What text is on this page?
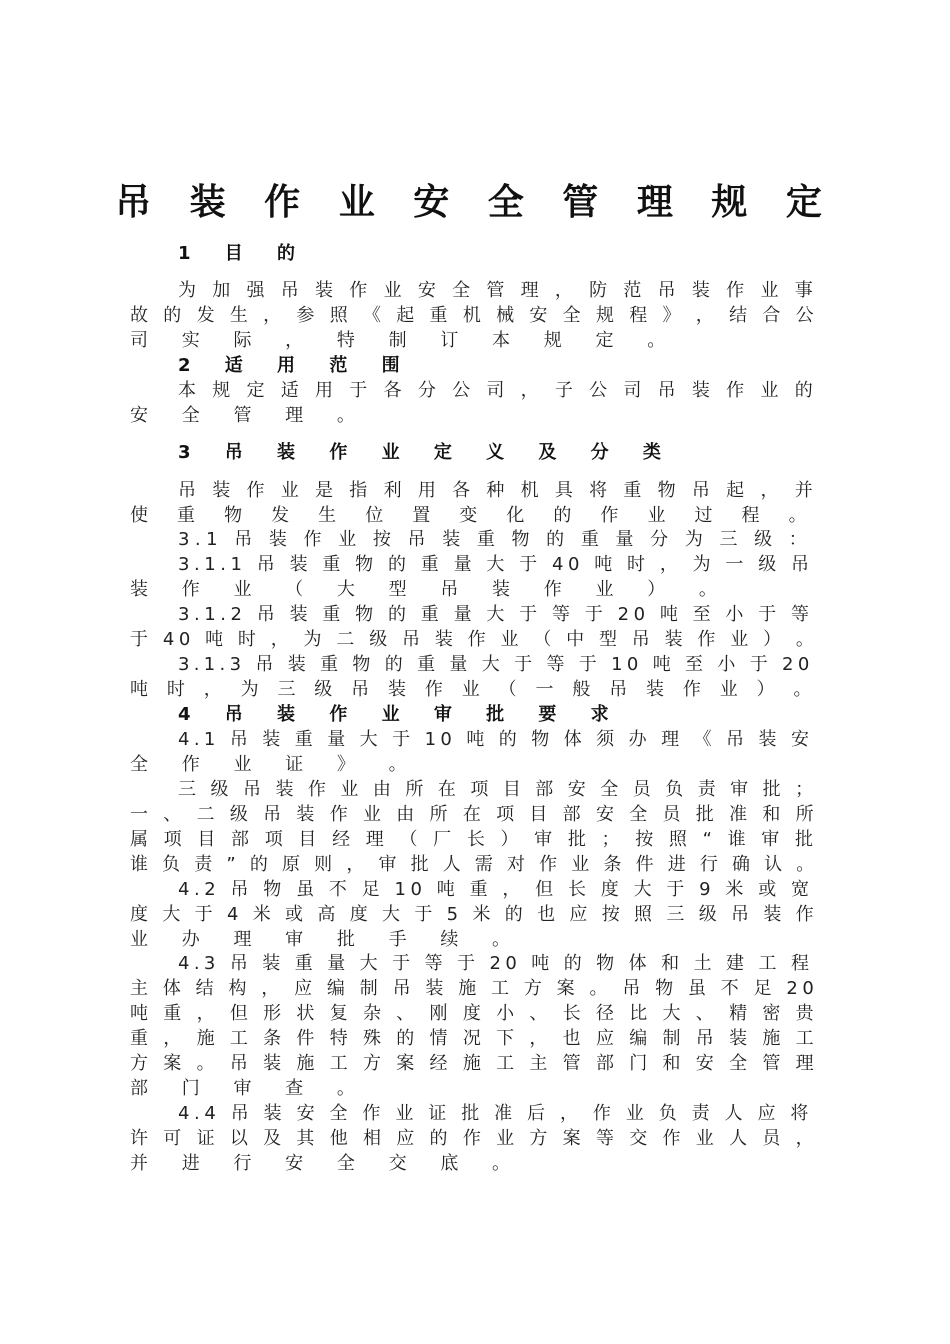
吊 装 作 业 安 全 管 理 规 定
1 目 的
为 加 强 吊 装 作 业 安 全 管 理 ， 防 范 吊 装 作 业 事
故 的 发 生 ， 参 照 《 起 重 机 械 安 全 规 程 》 ， 结 合 公
司 实 际 ， 特 制 订 本 规 定 。
2 适 用 范 围
本 规 定 适 用 于 各 分 公 司 ， 子 公 司 吊 装 作 业 的
安 全 管 理 。
3 吊 装 作 业 定 义 及 分 类
吊 装 作 业 是 指 利 用 各 种 机 具 将 重 物 吊 起 ， 并
使 重 物 发 生 位 置 变 化 的 作 业 过 程 。
3.1 吊 装 作 业 按 吊 装 重 物 的 重 量 分 为 三 级 ：
3.1.1 吊 装 重 物 的 重 量 大 于 40 吨 时 ， 为 一 级 吊
装 作 业 （ 大 型 吊 装 作 业 ） 。
3.1.2 吊 装 重 物 的 重 量 大 于 等 于 20 吨 至 小 于 等
于 40 吨 时 ， 为 二 级 吊 装 作 业 （ 中 型 吊 装 作 业 ） 。
3.1.3 吊 装 重 物 的 重 量 大 于 等 于 10 吨 至 小 于 20
吨 时 ， 为 三 级 吊 装 作 业 （ 一 般 吊 装 作 业 ） 。
4 吊 装 作 业 审 批 要 求
4.1 吊 装 重 量 大 于 10 吨 的 物 体 须 办 理 《 吊 装 安
全 作 业 证 》 。
三 级 吊 装 作 业 由 所 在 项 目 部 安 全 员 负 责 审 批 ；
一 、 二 级 吊 装 作 业 由 所 在 项 目 部 安 全 员 批 准 和 所
属 项 目 部 项 目 经 理 （ 厂 长 ） 审 批 ； 按 照 “ 谁 审 批
谁 负 责 ” 的 原 则 ， 审 批 人 需 对 作 业 条 件 进 行 确 认 。
4.2 吊 物 虽 不 足 10 吨 重 ， 但 长 度 大 于 9 米 或 宽
度 大 于 4 米 或 高 度 大 于 5 米 的 也 应 按 照 三 级 吊 装 作
业 办 理 审 批 手 续 。
4.3 吊 装 重 量 大 于 等 于 20 吨 的 物 体 和 土 建 工 程
主 体 结 构 ， 应 编 制 吊 装 施 工 方 案 。 吊 物 虽 不 足 20
吨 重 ， 但 形 状 复 杂 、 刚 度 小 、 长 径 比 大 、 精 密 贵
重 ， 施 工 条 件 特 殊 的 情 况 下 ， 也 应 编 制 吊 装 施 工
方 案 。 吊 装 施 工 方 案 经 施 工 主 管 部 门 和 安 全 管 理
部 门 审 查 。
4.4 吊 装 安 全 作 业 证 批 准 后 ， 作 业 负 责 人 应 将
许 可 证 以 及 其 他 相 应 的 作 业 方 案 等 交 作 业 人 员 ，
并 进 行 安 全 交 底 。
